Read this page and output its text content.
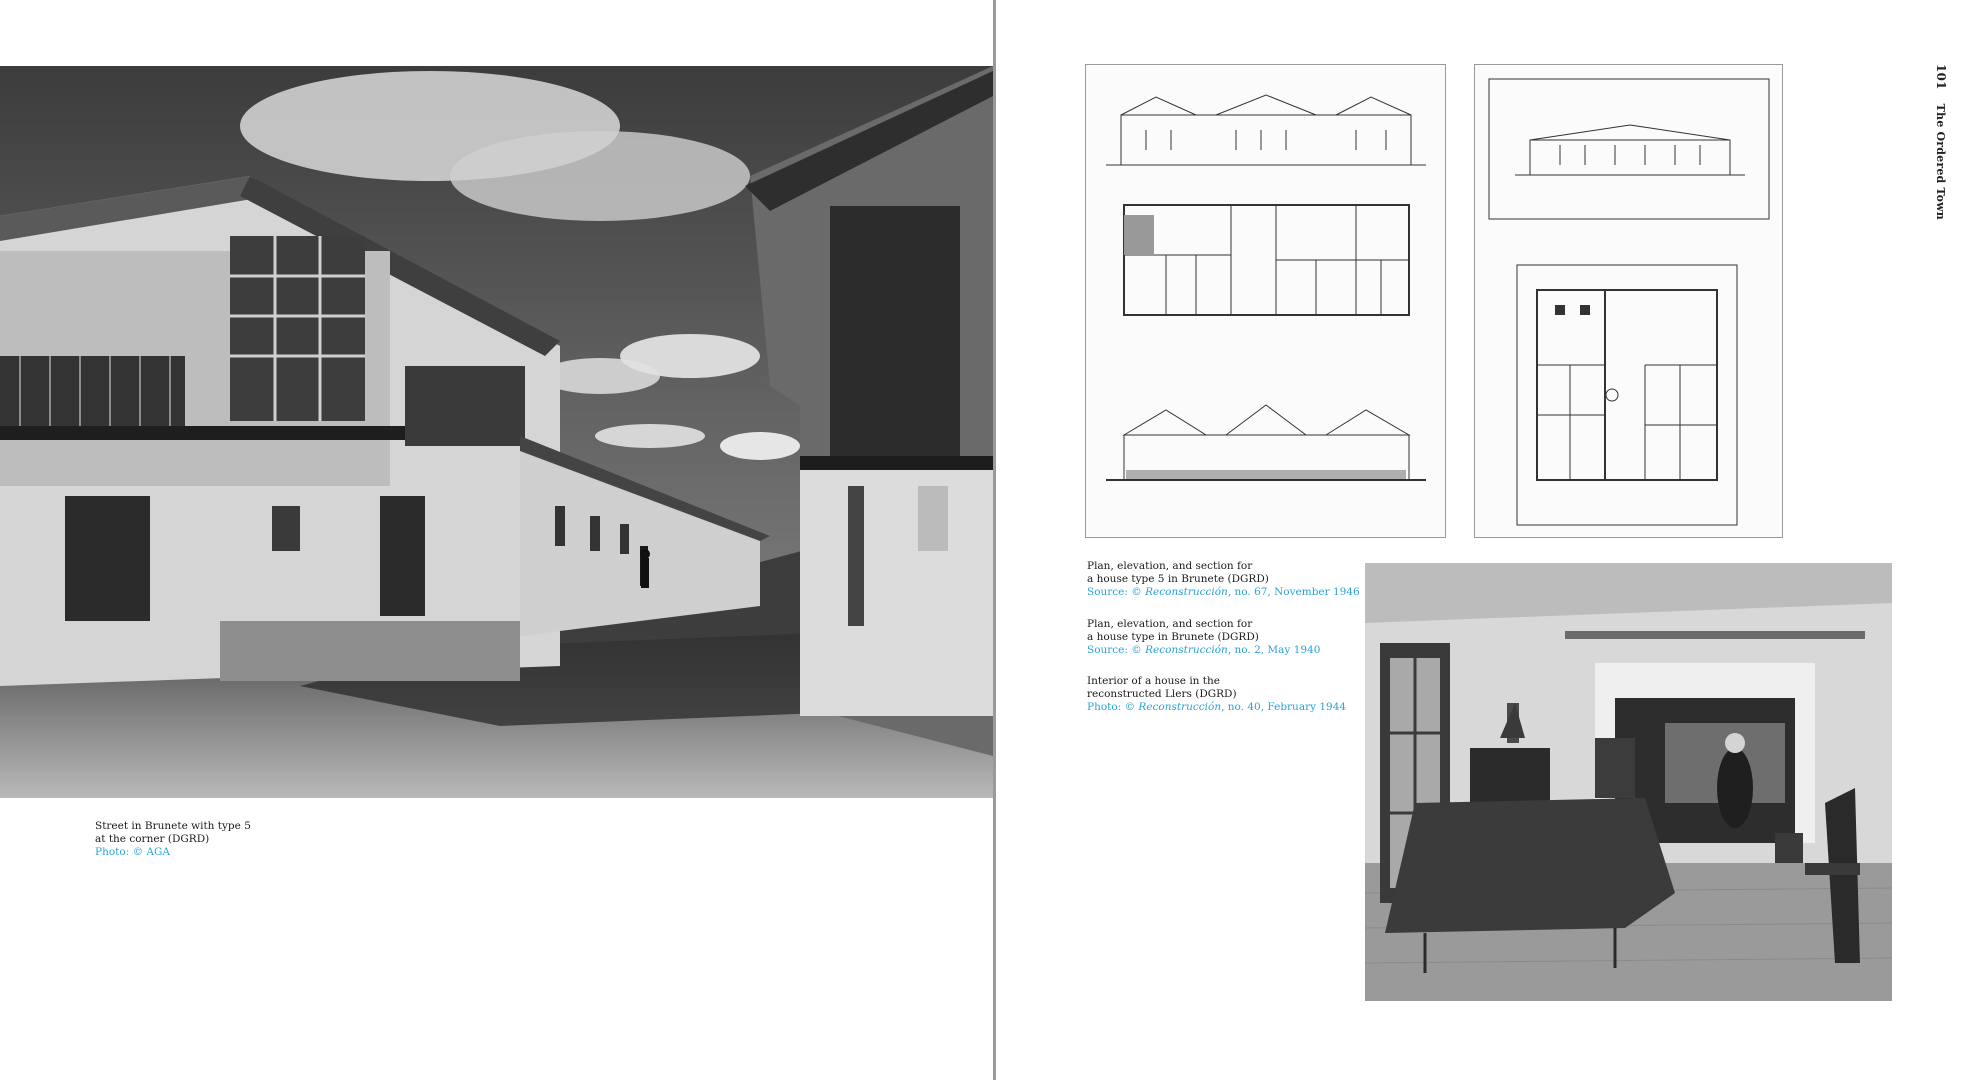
Street in Brunete with type 5
at the corner (DGRD)
Photo: © AGA
Plan, elevation, and section for
a house type 5 in Brunete (DGRD)
Source: © Reconstrucción, no. 67, November 1946
Plan, elevation, and section for
a house type in Brunete (DGRD)
Source: © Reconstrucción, no. 2, May 1940
Interior of a house in the
reconstructed Llers (DGRD)
Photo: © Reconstrucción, no. 40, February 1944
101The Ordered Town
